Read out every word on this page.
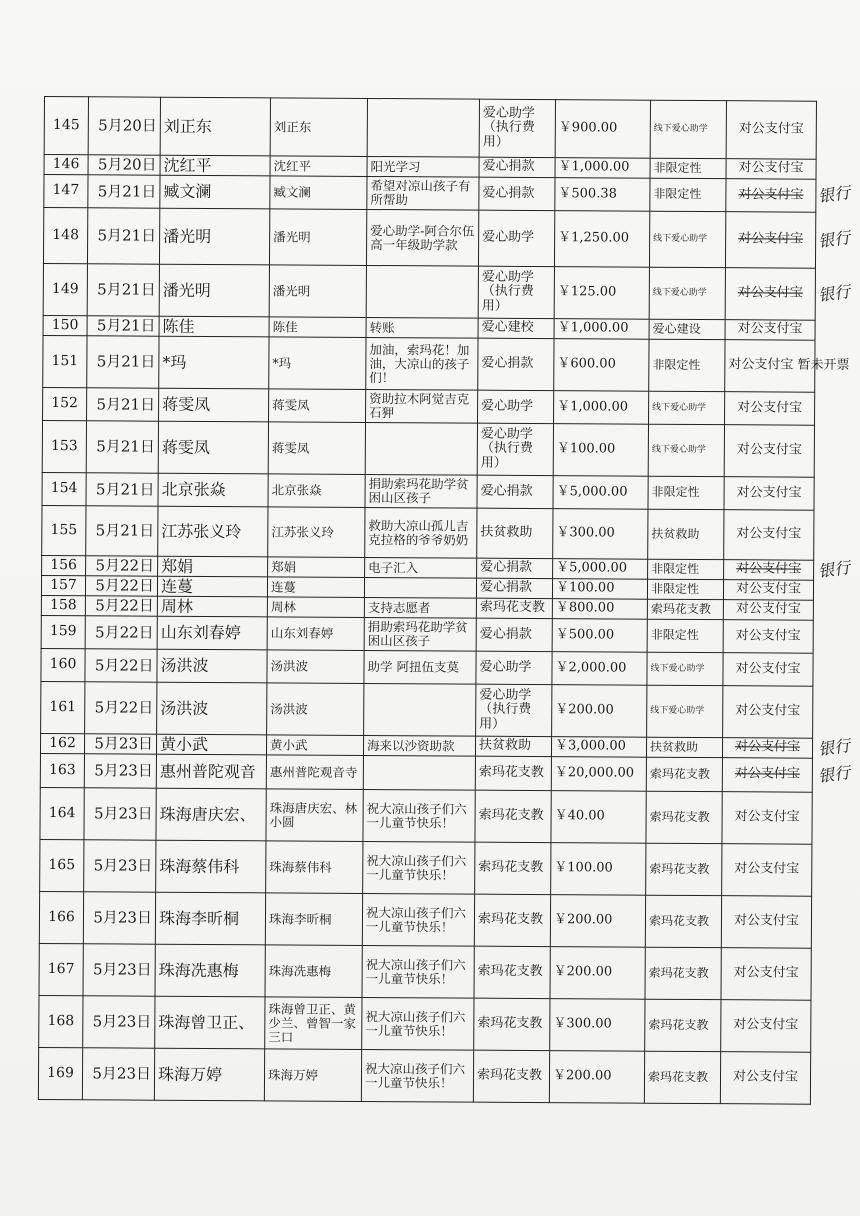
145	5月20日	刘正东	刘正东		爱心助学（执行费用）	￥900.00	线下爱心助学	对公支付宝
146	5月20日	沈红平	沈红平	阳光学习	爱心捐款	￥1,000.00	非限定性	对公支付宝
147	5月21日	臧文澜	臧文澜	希望对凉山孩子有所帮助	爱心捐款	￥500.38	非限定性	对公支付宝
148	5月21日	潘光明	潘光明	爱心助学-阿合尔伍高一年级助学款	爱心助学	￥1,250.00	线下爱心助学	对公支付宝
149	5月21日	潘光明	潘光明		爱心助学（执行费用）	￥125.00	线下爱心助学	对公支付宝
150	5月21日	陈佳	陈佳	转账	爱心建校	￥1,000.00	爱心建设	对公支付宝
151	5月21日	*玛	*玛	加油，索玛花！加油，大凉山的孩子们！	爱心捐款	￥600.00	非限定性	对公支付宝 暂未开票
152	5月21日	蒋雯凤	蒋雯凤	资助拉木阿觉吉克石狎	爱心助学	￥1,000.00	线下爱心助学	对公支付宝
153	5月21日	蒋雯凤	蒋雯凤		爱心助学（执行费用）	￥100.00	线下爱心助学	对公支付宝
154	5月21日	北京张焱	北京张焱	捐助索玛花助学贫困山区孩子	爱心捐款	￥5,000.00	非限定性	对公支付宝
155	5月21日	江苏张义玲	江苏张义玲	救助大凉山孤儿吉克拉格的爷爷奶奶	扶贫救助	￥300.00	扶贫救助	对公支付宝
156	5月22日	郑娟	郑娟	电子汇入	爱心捐款	￥5,000.00	非限定性	对公支付宝
157	5月22日	连蔓	连蔓		爱心捐款	￥100.00	非限定性	对公支付宝
158	5月22日	周林	周林	支持志愿者	索玛花支教	￥800.00	索玛花支教	对公支付宝
159	5月22日	山东刘春婷	山东刘春婷	捐助索玛花助学贫困山区孩子	爱心捐款	￥500.00	非限定性	对公支付宝
160	5月22日	汤洪波	汤洪波	助学 阿扭伍支莫	爱心助学	￥2,000.00	线下爱心助学	对公支付宝
161	5月22日	汤洪波	汤洪波		爱心助学（执行费用）	￥200.00	线下爱心助学	对公支付宝
162	5月23日	黄小武	黄小武	海来以沙资助款	扶贫救助	￥3,000.00	扶贫救助	对公支付宝
163	5月23日	惠州普陀观音	惠州普陀观音寺		索玛花支教	￥20,000.00	索玛花支教	对公支付宝
164	5月23日	珠海唐庆宏、	珠海唐庆宏、林小圆	祝大凉山孩子们六一儿童节快乐！	索玛花支教	￥40.00	索玛花支教	对公支付宝
165	5月23日	珠海蔡伟科	珠海蔡伟科	祝大凉山孩子们六一儿童节快乐！	索玛花支教	￥100.00	索玛花支教	对公支付宝
166	5月23日	珠海李昕桐	珠海李昕桐	祝大凉山孩子们六一儿童节快乐！	索玛花支教	￥200.00	索玛花支教	对公支付宝
167	5月23日	珠海冼惠梅	珠海冼惠梅	祝大凉山孩子们六一儿童节快乐！	索玛花支教	￥200.00	索玛花支教	对公支付宝
168	5月23日	珠海曾卫正、	珠海曾卫正、黄少兰、曾智一家三口	祝大凉山孩子们六一儿童节快乐！	索玛花支教	￥300.00	索玛花支教	对公支付宝
169	5月23日	珠海万婷	珠海万婷	祝大凉山孩子们六一儿童节快乐！	索玛花支教	￥200.00	索玛花支教	对公支付宝
银行
银行
银行
银行
银行
银行
